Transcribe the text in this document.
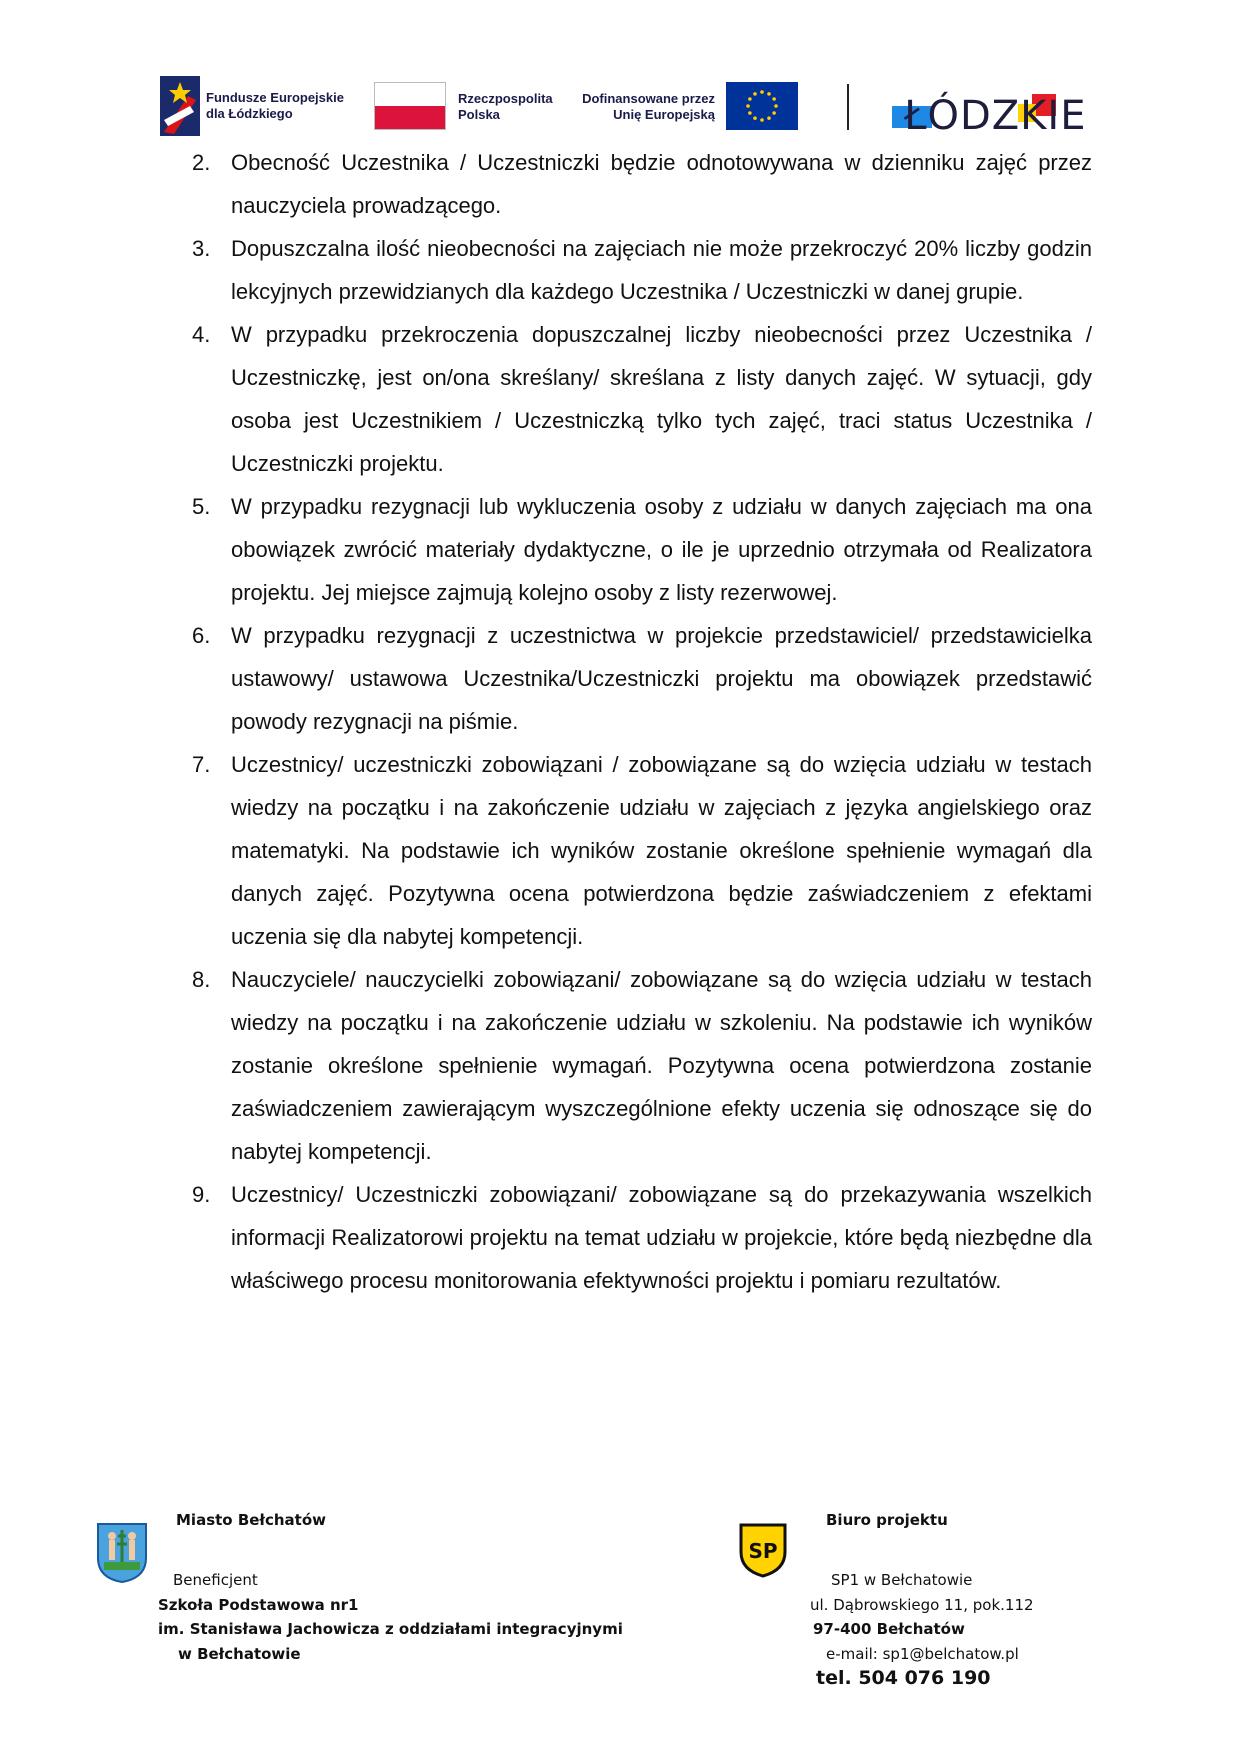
Fundusze Europejskie
dla Łódzkiego
Rzeczpospolita
Polska
Dofinansowane przez
Unię Europejską	ŁÓDZKIE
2. Obecność Uczestnika / Uczestniczki będzie odnotowywana w dzienniku zajęć przez nauczyciela prowadzącego.
3. Dopuszczalna ilość nieobecności na zajęciach nie może przekroczyć 20% liczby godzin lekcyjnych przewidzianych dla każdego Uczestnika / Uczestniczki w danej grupie.
4. W przypadku przekroczenia dopuszczalnej liczby nieobecności przez Uczestnika / Uczestniczkę, jest on/ona skreślany/ skreślana z listy danych zajęć. W sytuacji, gdy osoba jest Uczestnikiem / Uczestniczką tylko tych zajęć, traci status Uczestnika / Uczestniczki projektu.
5. W przypadku rezygnacji lub wykluczenia osoby z udziału w danych zajęciach ma ona obowiązek zwrócić materiały dydaktyczne, o ile je uprzednio otrzymała od Realizatora projektu. Jej miejsce zajmują kolejno osoby z listy rezerwowej.
6. W przypadku rezygnacji z uczestnictwa w projekcie przedstawiciel/ przedstawicielka ustawowy/ ustawowa Uczestnika/Uczestniczki projektu ma obowiązek przedstawić powody rezygnacji na piśmie.
7. Uczestnicy/ uczestniczki zobowiązani / zobowiązane są do wzięcia udziału w testach wiedzy na początku i na zakończenie udziału w zajęciach z języka angielskiego oraz matematyki. Na podstawie ich wyników zostanie określone spełnienie wymagań dla danych zajęć. Pozytywna ocena potwierdzona będzie zaświadczeniem z efektami uczenia się dla nabytej kompetencji.
8. Nauczyciele/ nauczycielki zobowiązani/ zobowiązane są do wzięcia udziału w testach wiedzy na początku i na zakończenie udziału w szkoleniu. Na podstawie ich wyników zostanie określone spełnienie wymagań. Pozytywna ocena potwierdzona zostanie zaświadczeniem zawierającym wyszczególnione efekty uczenia się odnoszące się do nabytej kompetencji.
9. Uczestnicy/ Uczestniczki zobowiązani/ zobowiązane są do przekazywania wszelkich informacji Realizatorowi projektu na temat udziału w projekcie, które będą niezbędne dla właściwego procesu monitorowania efektywności projektu i pomiaru rezultatów.
Miasto Bełchatów
Beneficjent
Szkoła Podstawowa nr1
im. Stanisława Jachowicza z oddziałami integracyjnymi
w Bełchatowie
Biuro projektu
SP
SP1 w Bełchatowie
ul. Dąbrowskiego 11, pok.112
97-400 Bełchatów
e-mail: sp1@belchatow.pl
tel. 504 076 190
